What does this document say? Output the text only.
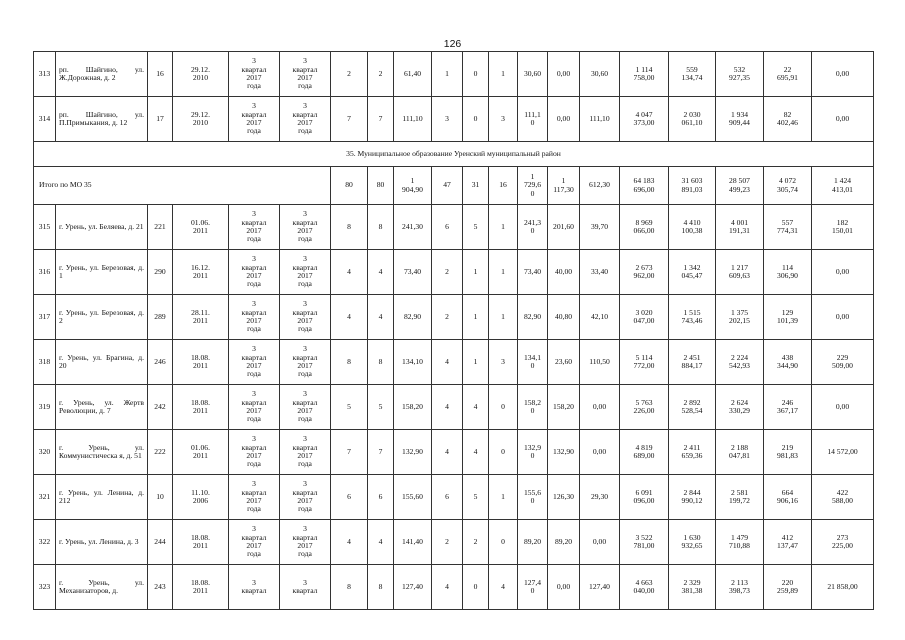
126
313	рп. Шайгино, ул. Ж.Дорожная, д. 2	16	29.12.
2010	3
квартал
2017
года	3
квартал
2017
года	2	2	61,40	1	0	1	30,60	0,00	30,60	1 114
758,00	559
134,74	532
927,35	22
695,91	0,00
314	рп. Шайгино, ул. П.Примыкания, д. 12	17	29.12.
2010	3
квартал
2017
года	3
квартал
2017
года	7	7	111,10	3	0	3	111,1
0	0,00	111,10	4 047
373,00	2 030
061,10	1 934
909,44	82
402,46	0,00
35. Муниципальное образование Уренский муниципальный район																			
Итого по МО 35						80	80	1
904,90	47	31	16	1
729,6
0	1
117,30	612,30	64 183
696,00	31 603
891,03	28 507
499,23	4 072
305,74	1 424
413,01
315	г. Урень, ул. Беляева, д. 21	221	01.06.
2011	3
квартал
2017
года	3
квартал
2017
года	8	8	241,30	6	5	1	241,3
0	201,60	39,70	8 969
066,00	4 410
100,38	4 001
191,31	557
774,31	182
150,01
316	г. Урень, ул. Березовая, д. 1	290	16.12.
2011	3
квартал
2017
года	3
квартал
2017
года	4	4	73,40	2	1	1	73,40	40,00	33,40	2 673
962,00	1 342
045,47	1 217
609,63	114
306,90	0,00
317	г. Урень, ул. Березовая, д. 2	289	28.11.
2011	3
квартал
2017
года	3
квартал
2017
года	4	4	82,90	2	1	1	82,90	40,80	42,10	3 020
047,00	1 515
743,46	1 375
202,15	129
101,39	0,00
318	г. Урень, ул. Брагина, д. 20	246	18.08.
2011	3
квартал
2017
года	3
квартал
2017
года	8	8	134,10	4	1	3	134,1
0	23,60	110,50	5 114
772,00	2 451
884,17	2 224
542,93	438
344,90	229
509,00
319	г. Урень, ул. Жертв Революции, д. 7	242	18.08.
2011	3
квартал
2017
года	3
квартал
2017
года	5	5	158,20	4	4	0	158,2
0	158,20	0,00	5 763
226,00	2 892
528,54	2 624
330,29	246
367,17	0,00
320	г. Урень, ул. Коммунистическа я, д. 51	222	01.06.
2011	3
квартал
2017
года	3
квартал
2017
года	7	7	132,90	4	4	0	132,9
0	132,90	0,00	4 819
689,00	2 411
659,36	2 188
047,81	219
981,83	14 572,00
321	г. Урень, ул. Ленина, д. 212	10	11.10.
2006	3
квартал
2017
года	3
квартал
2017
года	6	6	155,60	6	5	1	155,6
0	126,30	29,30	6 091
096,00	2 844
990,12	2 581
199,72	664
906,16	422
588,00
322	г. Урень, ул. Ленина, д. 3	244	18.08.
2011	3
квартал
2017
года	3
квартал
2017
года	4	4	141,40	2	2	0	89,20	89,20	0,00	3 522
781,00	1 630
932,65	1 479
710,88	412
137,47	273
225,00
323	г. Урень, ул. Механизаторов, д.	243	18.08.
2011	3
квартал	3
квартал	8	8	127,40	4	0	4	127,4
0	0,00	127,40	4 663
040,00	2 329
381,38	2 113
398,73	220
259,89	21 858,00
